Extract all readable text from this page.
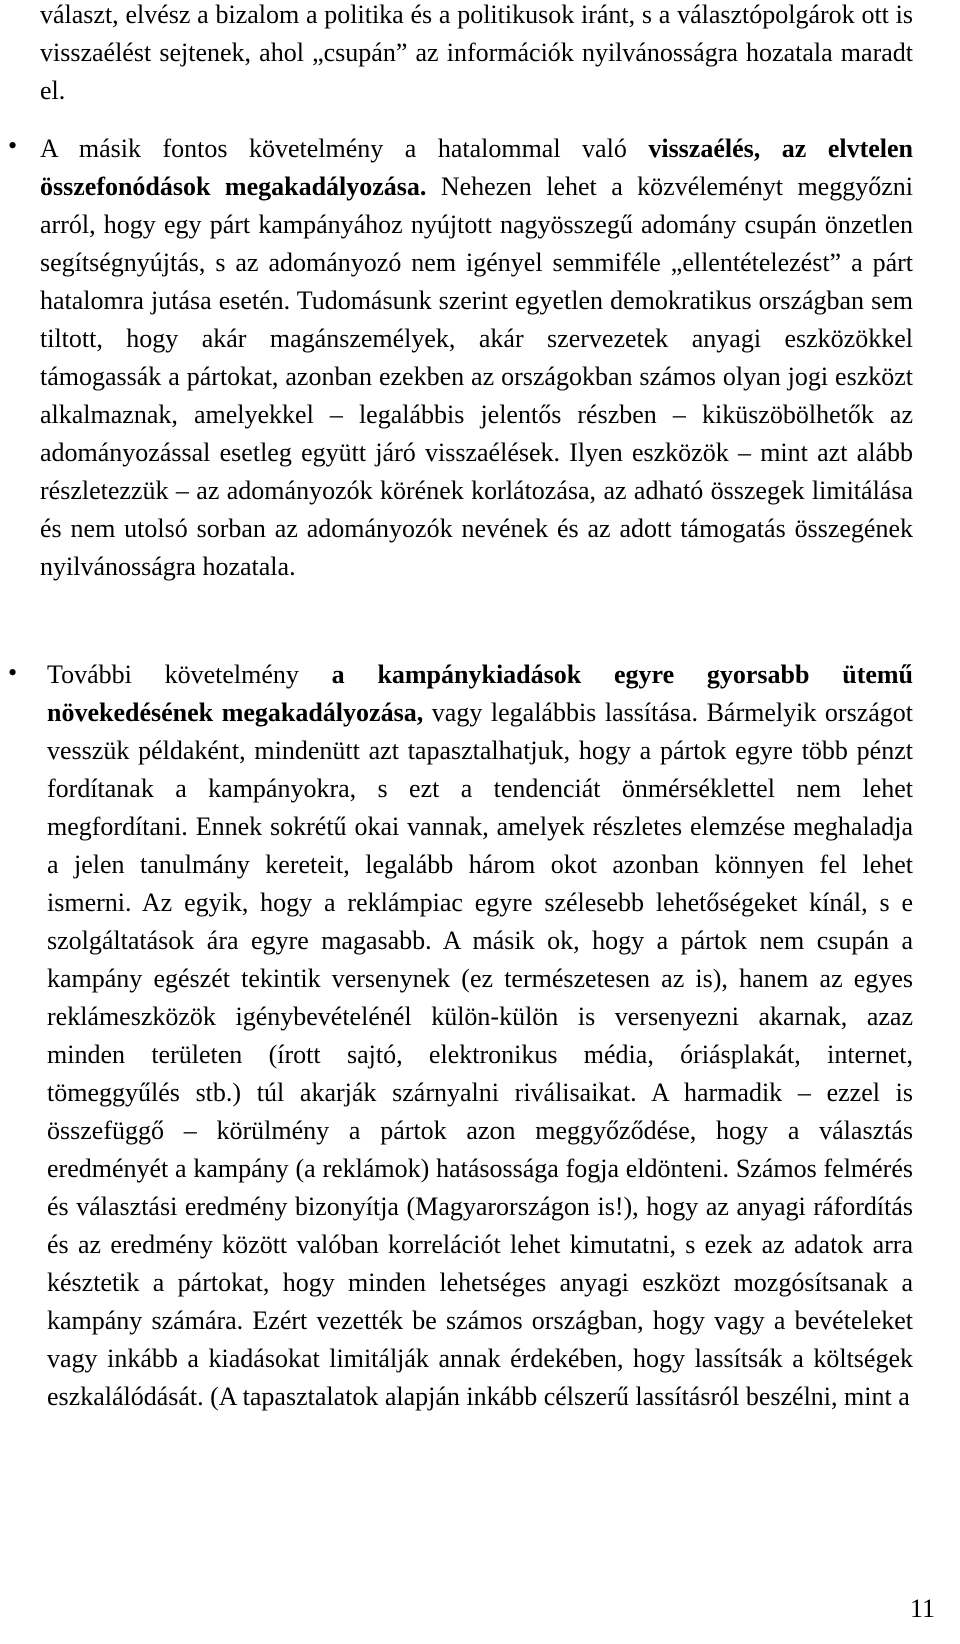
választ, elvész a bizalom a politika és a politikusok iránt, s a választópolgárok ott is visszaélést sejtenek, ahol „csupán” az információk nyilvánosságra hozatala maradt el.

• A másik fontos követelmény a hatalommal való visszaélés, az elvtelen összefonódások megakadályozása. Nehezen lehet a közvéleményt meggyőzni arról, hogy egy párt kampányához nyújtott nagyösszegű adomány csupán önzetlen segítségnyújtás, s az adományozó nem igényel semmiféle „ellentételezést” a párt hatalomra jutása esetén. Tudomásunk szerint egyetlen demokratikus országban sem tiltott, hogy akár magánszemélyek, akár szervezetek anyagi eszközökkel támogassák a pártokat, azonban ezekben az országokban számos olyan jogi eszközt alkalmaznak, amelyekkel – legalábbis jelentős részben – kiküszöbölhetők az adományozással esetleg együtt járó visszaélések. Ilyen eszközök – mint azt alább részletezzük – az adományozók körének korlátozása, az adható összegek limitálása és nem utolsó sorban az adományozók nevének és az adott támogatás összegének nyilvánosságra hozatala.

• További követelmény a kampánykiadások egyre gyorsabb ütemű növekedésének megakadályozása, vagy legalábbis lassítása. Bármelyik országot vesszük példaként, mindenütt azt tapasztalhatjuk, hogy a pártok egyre több pénzt fordítanak a kampányokra, s ezt a tendenciát önmérséklettel nem lehet megfordítani. Ennek sokrétű okai vannak, amelyek részletes elemzése meghaladja a jelen tanulmány kereteit, legalább három okot azonban könnyen fel lehet ismerni. Az egyik, hogy a reklámpiac egyre szélesebb lehetőségeket kínál, s e szolgáltatások ára egyre magasabb. A másik ok, hogy a pártok nem csupán a kampány egészét tekintik versenynek (ez természetesen az is), hanem az egyes reklámeszközök igénybevételénél külön-külön is versenyezni akarnak, azaz minden területen (írott sajtó, elektronikus média, óriásplakát, internet, tömeggyűlés stb.) túl akarják szárnyalni riválisaikat. A harmadik – ezzel is összefüggő – körülmény a pártok azon meggyőződése, hogy a választás eredményét a kampány (a reklámok) hatásossága fogja eldönteni. Számos felmérés és választási eredmény bizonyítja (Magyarországon is!), hogy az anyagi ráfordítás és az eredmény között valóban korrelációt lehet kimutatni, s ezek az adatok arra késztetik a pártokat, hogy minden lehetséges anyagi eszközt mozgósítsanak a kampány számára. Ezért vezették be számos országban, hogy vagy a bevételeket vagy inkább a kiadásokat limitálják annak érdekében, hogy lassítsák a költségek eszkalálódását. (A tapasztalatok alapján inkább célszerű lassításról beszélni, mint a

11
